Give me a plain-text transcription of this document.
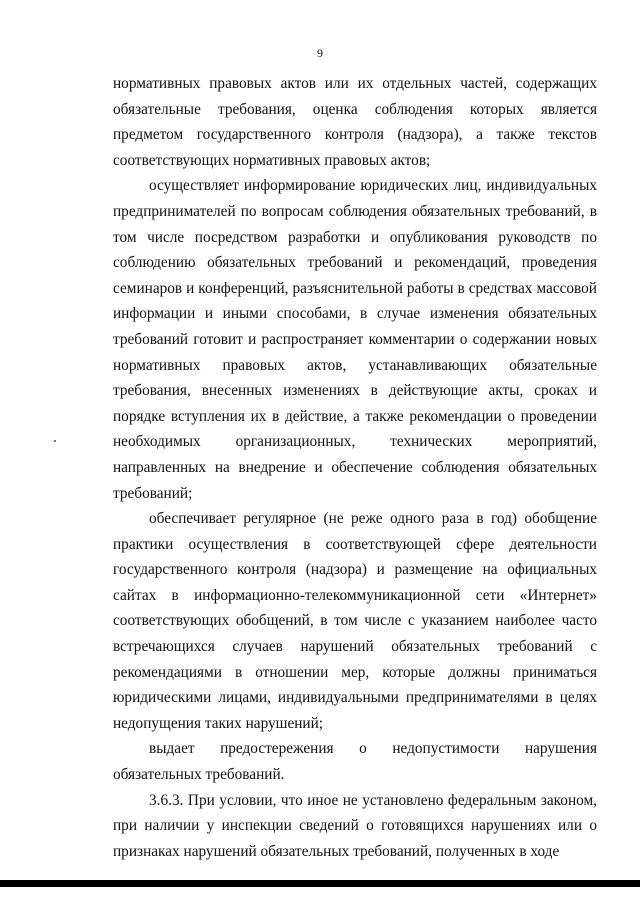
9

нормативных правовых актов или их отдельных частей, содержащих обязательные требования, оценка соблюдения которых является предметом государственного контроля (надзора), а также текстов соответствующих нормативных правовых актов;

осуществляет информирование юридических лиц, индивидуальных предпринимателей по вопросам соблюдения обязательных требований, в том числе посредством разработки и опубликования руководств по соблюдению обязательных требований и рекомендаций, проведения семинаров и конференций, разъяснительной работы в средствах массовой информации и иными способами, в случае изменения обязательных требований готовит и распространяет комментарии о содержании новых нормативных правовых актов, устанавливающих обязательные требования, внесенных изменениях в действующие акты, сроках и порядке вступления их в действие, а также рекомендации о проведении необходимых организационных, технических мероприятий, направленных на внедрение и обеспечение соблюдения обязательных требований;

обеспечивает регулярное (не реже одного раза в год) обобщение практики осуществления в соответствующей сфере деятельности государственного контроля (надзора) и размещение на официальных сайтах в информационно-телекоммуникационной сети «Интернет» соответствующих обобщений, в том числе с указанием наиболее часто встречающихся случаев нарушений обязательных требований с рекомендациями в отношении мер, которые должны приниматься юридическими лицами, индивидуальными предпринимателями в целях недопущения таких нарушений;

выдает предостережения о недопустимости нарушения обязательных требований.

3.6.3. При условии, что иное не установлено федеральным законом, при наличии у инспекции сведений о готовящихся нарушениях или о признаках нарушений обязательных требований, полученных в ходе
